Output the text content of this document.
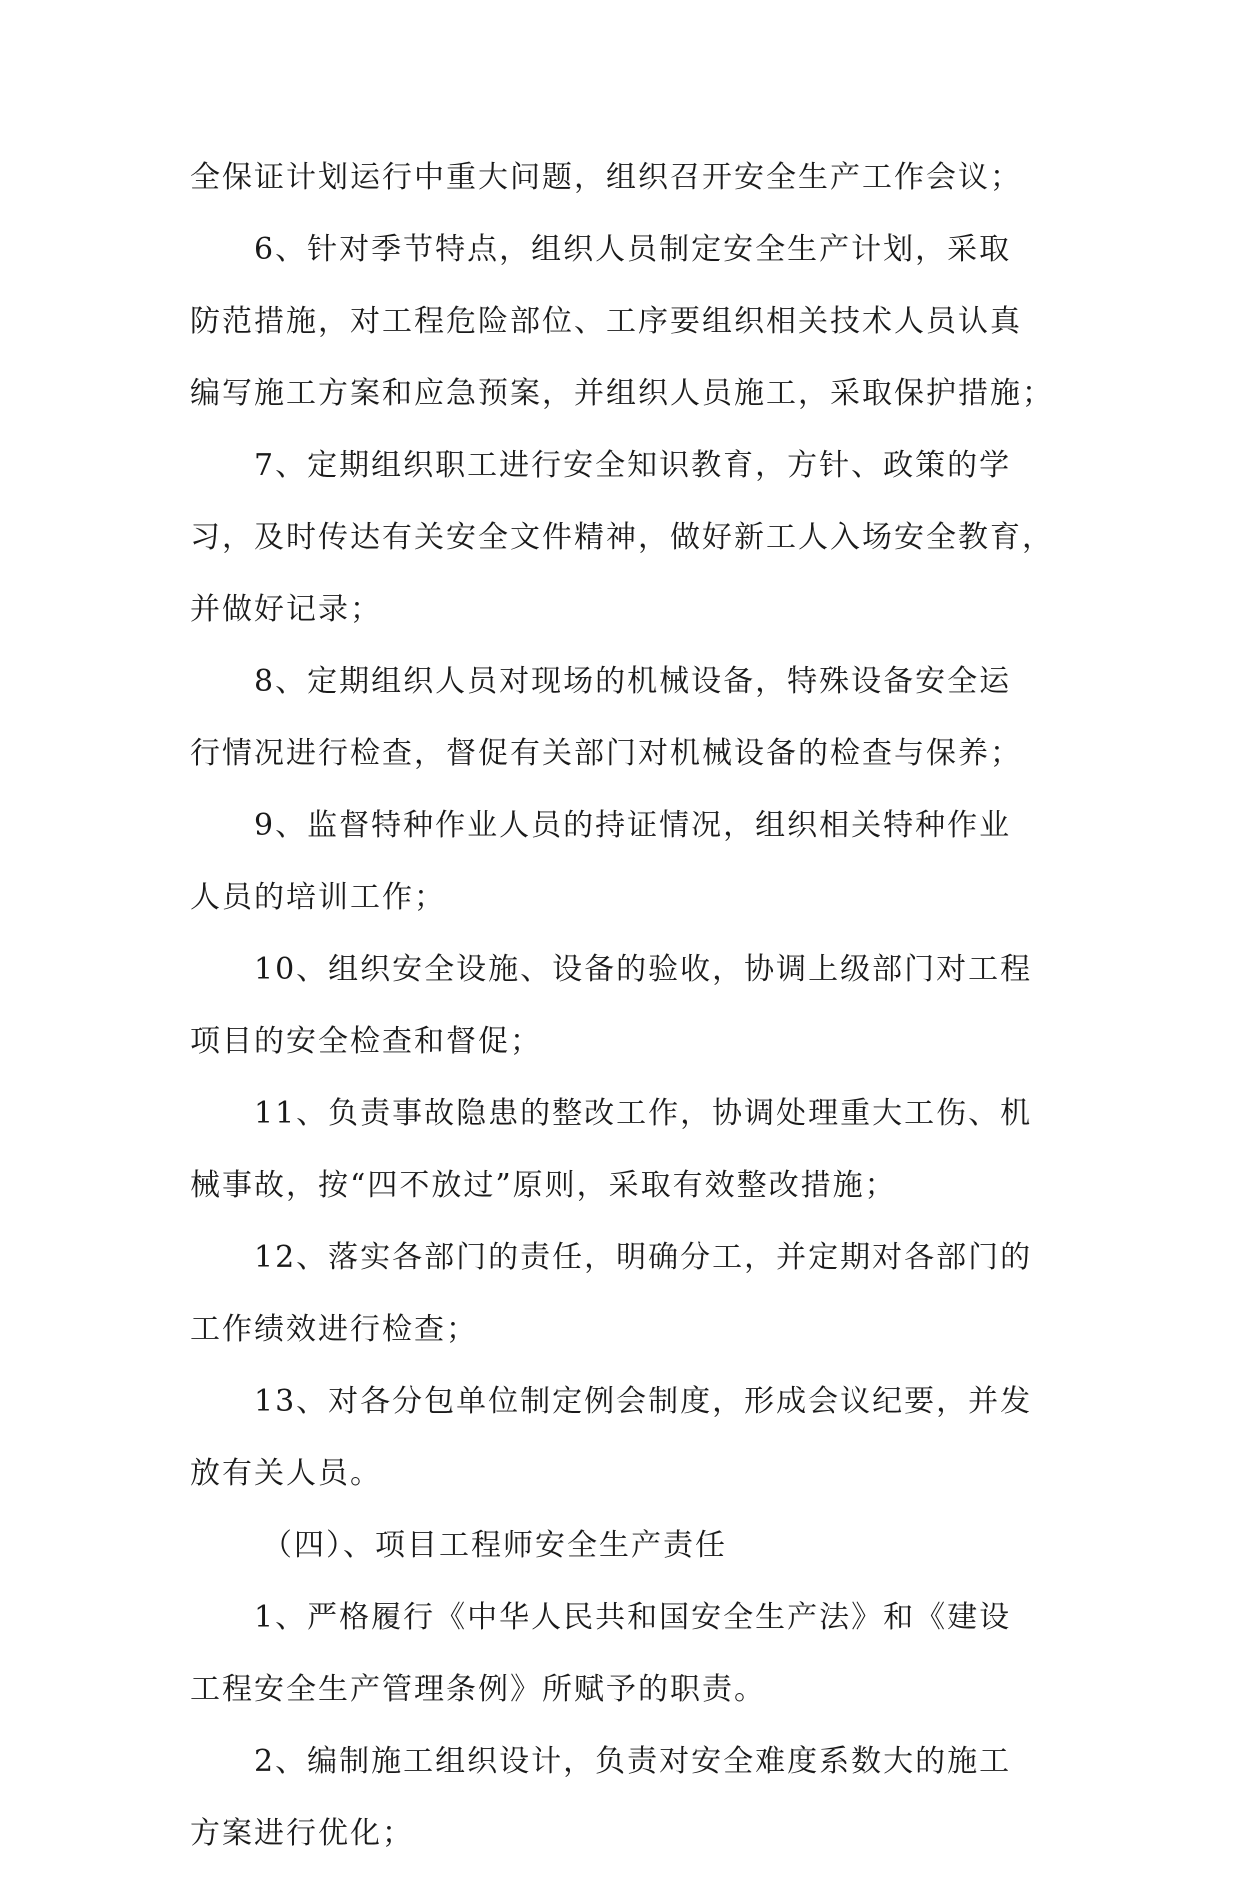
全保证计划运行中重大问题，组织召开安全生产工作会议；
6、针对季节特点，组织人员制定安全生产计划，采取
防范措施，对工程危险部位、工序要组织相关技术人员认真
编写施工方案和应急预案，并组织人员施工，采取保护措施；
7、定期组织职工进行安全知识教育，方针、政策的学
习，及时传达有关安全文件精神，做好新工人入场安全教育，
并做好记录；
8、定期组织人员对现场的机械设备，特殊设备安全运
行情况进行检查，督促有关部门对机械设备的检查与保养；
9、监督特种作业人员的持证情况，组织相关特种作业
人员的培训工作；
10、组织安全设施、设备的验收，协调上级部门对工程
项目的安全检查和督促；
11、负责事故隐患的整改工作，协调处理重大工伤、机
械事故，按“四不放过”原则，采取有效整改措施；
12、落实各部门的责任，明确分工，并定期对各部门的
工作绩效进行检查；
13、对各分包单位制定例会制度，形成会议纪要，并发
放有关人员。
（四）、项目工程师安全生产责任
1、严格履行《中华人民共和国安全生产法》和《建设
工程安全生产管理条例》所赋予的职责。
2、编制施工组织设计，负责对安全难度系数大的施工
方案进行优化；
